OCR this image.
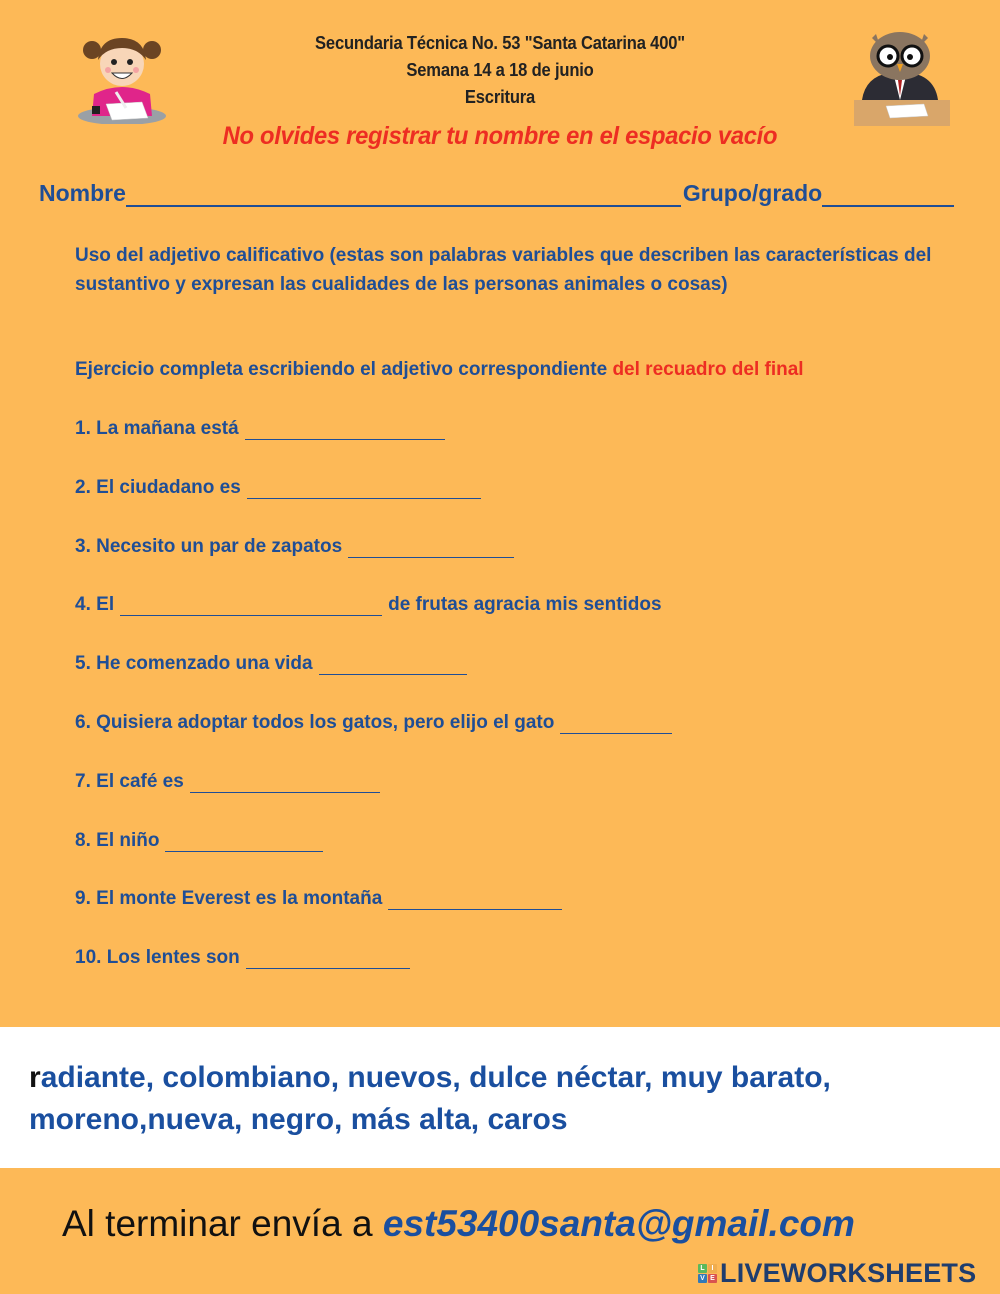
Secundaria Técnica No. 53 "Santa Catarina 400"
Semana 14 a 18 de junio
Escritura
No olvides registrar tu nombre en el espacio vacío
Nombre	Grupo/grado
Uso del adjetivo calificativo (estas son palabras variables que describen las características del sustantivo y expresan las cualidades de las personas animales o cosas)
Ejercicio completa escribiendo el adjetivo correspondiente del recuadro del final
1.
La mañana está
2.
El ciudadano es
3.
Necesito un par de zapatos
4.
El	de frutas agracia mis sentidos
5.
He comenzado una vida
6.
Quisiera adoptar todos los gatos, pero elijo el gato
7.
El café es
8.
El niño
9.
El monte Everest es la montaña
10.
Los lentes son
radiante, colombiano, nuevos, dulce néctar, muy barato,
moreno,nueva, negro, más alta, caros
Al terminar envía a est53400santa@gmail.com
L I
V E LIVEWORKSHEETS
